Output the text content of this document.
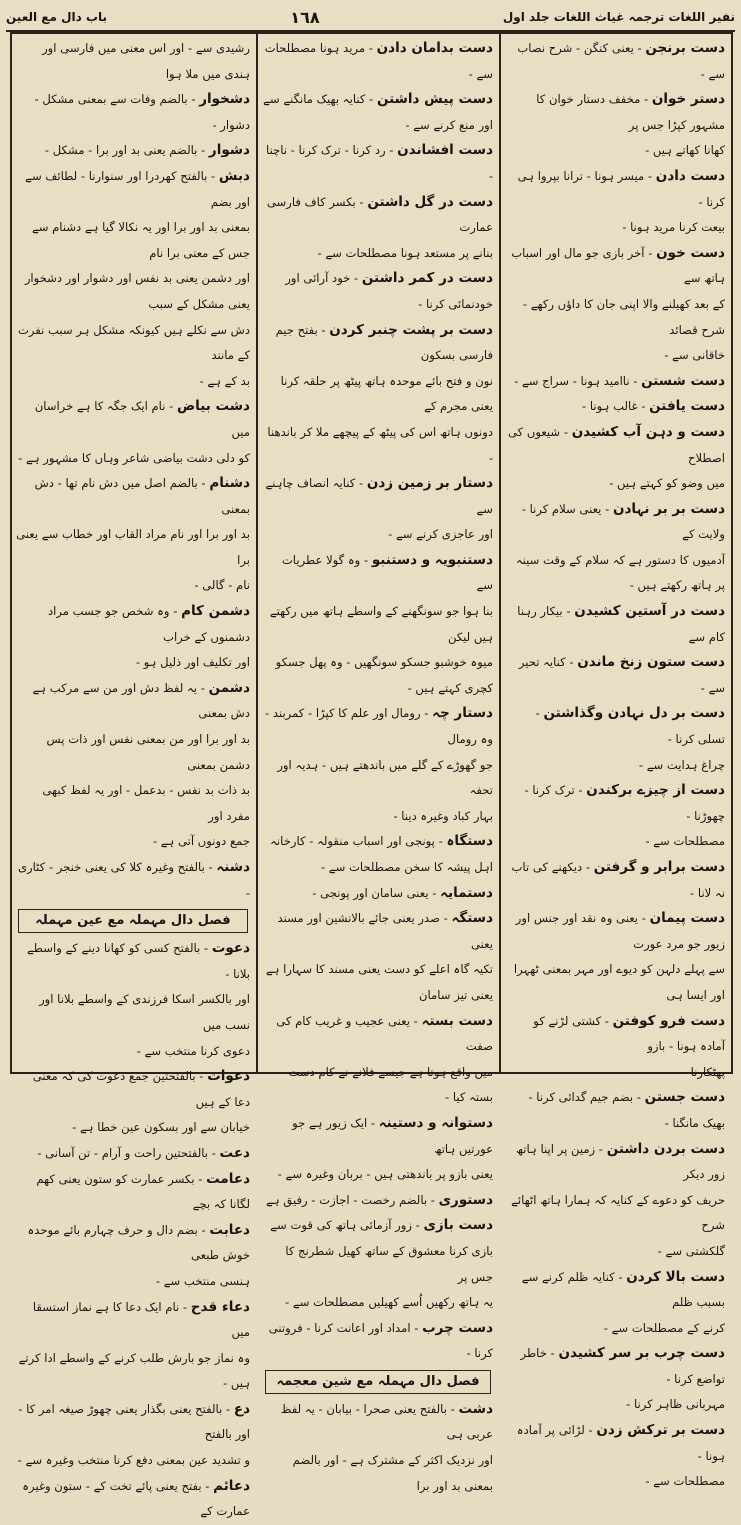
باب دال مع العین	١٦٨	نفیر اللغات ترجمہ غیاث اللغات جلد اول
دست برنجن - یعنی کنگن - شرح نصاب سے -
دستر خوان - مخفف دستار خوان کا مشہور کپڑا جس پر
کھانا کھاتے ہیں -
دست دادن - میسر ہونا - ترانا بپروا ہی کرنا -
بیعت کرنا مرید ہونا -
دست خون - آخر بازی جو مال اور اسباب ہاتھ سے
کے بعد کھیلنے والا اپنی جان کا داؤں رکھے - شرح قصائد
خاقانی سے -
دست شستن - ناامید ہونا - سراج سے -
دست یافتن - غالب ہونا -
دست و دہن آب کشیدن - شیعوں کی اصطلاح
میں وضو کو کہتے ہیں -
دست بر بر نہادن - یعنی سلام کرنا - ولایت کے
آدمیوں کا دستور ہے کہ سلام کے وقت سینہ پر ہاتھ رکھتے ہیں -
دست در آستین کشیدن - بیکار رہنا کام سے
دست ستون زنخ ماندن - کنایہ تحیر سے -
دست بر دل نہادن وگذاشتن - تسلی کرنا -
چراغ ہدایت سے -
دست از چیزے برکندن - ترک کرنا - چھوڑنا -
مصطلحات سے -
دست برابر و گرفتن - دیکھنے کی تاب نہ لانا -
دست پیمان - یعنی وہ نقد اور جنس اور زیور جو مرد عورت
سے پہلے دلہن کو دیوے اور مہر بمعنی ٹھہرا اور ایسا ہی
دست فرو کوفتن - کشتی لڑنے کو آمادہ ہونا - بازو
پھٹکارنا -
دست جستن - بضم جیم گدائی کرنا - بھیک مانگنا -
دست بردن داشتن - زمین پر اپنا ہاتھ زور دیکر
حریف کو دعوے کے کنایہ کہ ہمارا ہاتھ اٹھائے شرح
گلکشتی سے -
دست بالا کردن - کنایہ ظلم کرنے سے بسبب ظلم
کرنے کے مصطلحات سے -
دست چرب بر سر کشیدن - خاطر تواضع کرنا -
مہربانی ظاہر کرنا -
دست بر ترکش زدن - لڑائی پر آمادہ ہونا -
مصطلحات سے -
دست بدامان دادن - مرید ہونا مصطلحات سے -
دست پیش داشتن - کنایہ بھیک مانگنے سے
اور منع کرنے سے -
دست افشاندن - رد کرنا - ترک کرنا - ناچنا -
دست در گل داشتن - بکسر کاف فارسی عمارت
بنانے پر مستعد ہونا مصطلحات سے -
دست در کمر داشتن - خود آرائی اور خودنمائی کرنا -
دست بر پشت چنبر کردن - بفتح جیم فارسی بسکون
نون و فتح بائے موحدہ ہاتھ پیٹھ پر حلقہ کرنا یعنی مجرم کے
دونوں ہاتھ اس کی پیٹھ کے پیچھے ملا کر باندھنا -
دستار بر زمین زدن - کنایہ انصاف چاہنے سے
اور عاجزی کرنے سے -
دستنبویہ و دستنبو - وہ گولا عطریات سے
بنا ہوا جو سونگھنے کے واسطے ہاتھ میں رکھتے ہیں لیکن
میوہ خوشبو جسکو سونگھیں - وہ پھل جسکو کچری کہتے ہیں -
دستار چہ - رومال اور علم کا کپڑا - کمربند - وہ رومال
جو گھوڑے کے گلے میں باندھتے ہیں - ہدیہ اور تحفہ
بہار کباد وغیرہ دینا -
دستگاہ - پونجی اور اسباب منقولہ - کارخانہ
اہل پیشہ کا سخن مصطلحات سے -
دستمایہ - یعنی سامان اور پونجی -
دستگہ - صدر یعنی جائے بالانشین اور مسند یعنی
تکیہ گاہ اعلے کو دست یعنی مسند کا سہارا ہے یعنی تیز سامان
دست بستہ - یعنی عجیب و غریب کام کی صفت
میں واقع ہوتا ہے جیسے فلانے نے کام دست بستہ کیا -
دستوانہ و دستینہ - ایک زیور ہے جو عورتیں ہاتھ
یعنی بازو پر باندھتی ہیں - بربان وغیرہ سے -
دستوری - بالضم رخصت - اجازت - رفیق ہے
دست بازی - زور آزمائی ہاتھ کی قوت سے
بازی کرنا معشوق کے ساتھ کھیل شطرنج کا جس پر
یہ ہاتھ رکھیں اُسے کھیلیں مصطلحات سے -
دست چرب - امداد اور اعانت کرنا - فروتنی کرنا -
فصل دال مہملہ مع شین معجمہ
دشت - بالفتح یعنی صحرا - بیابان - یہ لفظ عربی ہی
اور نزدیک اکثر کے مشترک ہے - اور بالضم بمعنی بد اور برا
رشیدی سے - اور اس معنی میں فارسی اور ہندی میں ملا ہوا
دشخوار - بالضم وفات سے بمعنی مشکل - دشوار -
دشوار - بالضم یعنی بد اور برا - مشکل -
دبش - بالفتح کھردرا اور سنوارنا - لطائف سے اور بضم
بمعنی بد اور برا اور یہ نکالا گیا ہے دشنام سے جس کے معنی برا نام
اور دشمن یعنی بد نفس اور دشوار اور دشخوار یعنی مشکل کے سبب
دش سے نکلے ہیں کیونکہ مشکل ہر سبب نفرت کے مانند
بد کے ہے -
دشت بیاض - نام ایک جگہ کا ہے خراسان میں
کو دلی دشت بیاضی شاعر وہاں کا مشہور ہے -
دشنام - بالضم اصل میں دش نام تھا - دش بمعنی
بد اور برا اور نام مراد القاب اور خطاب سے یعنی برا
نام - گالی -
دشمن کام - وہ شخص جو جسب مراد دشمنوں کے خراب
اور تکلیف اور ذلیل ہو -
دشمن - یہ لفظ دش اور من سے مرکب ہے دش بمعنی
بد اور برا اور من بمعنی نفس اور ذات پس دشمن بمعنی
بد ذات بد نفس - بدعمل - اور یہ لفظ کبھی مفرد اور
جمع دونوں آتی ہے -
دشنہ - بالفتح وغیرہ کلا کی یعنی خنجر - کٹاری -
فصل دال مہملہ مع عین مہملہ
دعوت - بالفتح کسی کو کھانا دینے کے واسطے بلانا -
اور بالکسر اسکا فرزندی کے واسطے بلانا اور نسب میں
دعوی کرنا منتخب سے -
دعوات - بالفتحتین جمع دعوت کی کہ معنی دعا کے ہیں
خیابان سے اور بسکون عین خطا ہے -
دعت - بالفتحتین راحت و آرام - تن آسانی -
دعامت - بکسر عمارت کو ستون یعنی کھم لگانا کہ بچے
دعابت - بضم دال و حرف چہارم بائے موحدہ خوش طبعی
ہنسی منتخب سے -
دعاء قدح - نام ایک دعا کا ہے نماز استسقا میں
وہ نماز جو بارش طلب کرنے کے واسطے ادا کرتے ہیں -
دع - بالفتح یعنی بگذار یعنی چھوڑ صیغہ امر کا - اور بالفتح
و تشدید عین بمعنی دفع کرنا منتخب وغیرہ سے -
دعائم - بفتح یعنی پائے تخت کے - ستون وغیرہ عمارت کے
